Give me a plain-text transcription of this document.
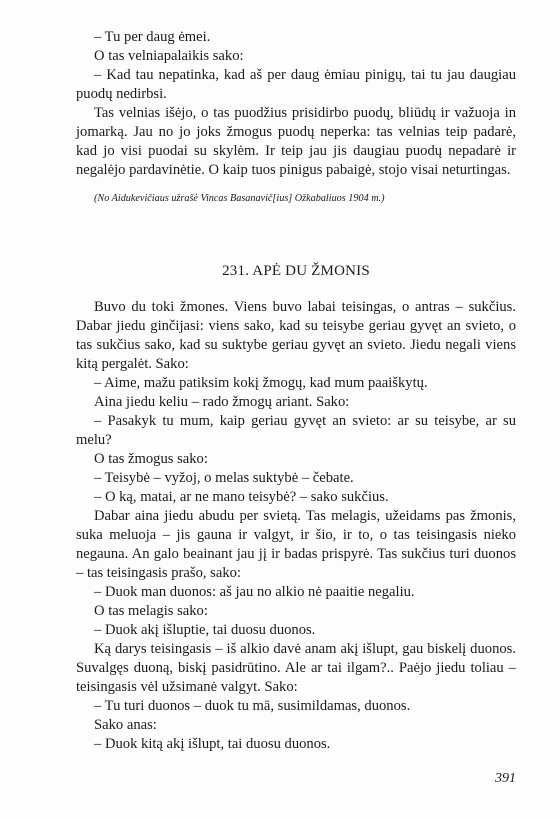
– Tu per daug ėmei.

O tas velniapalaikis sako:

– Kad tau nepatinka, kad aš per daug ėmiau pinigų, tai tu jau daugiau puodų nedirbsi.

Tas velnias išėjo, o tas puodžius prisidirbo puodų, bliūdų ir važuoja in jomarką. Jau no jo joks žmogus puodų neperka: tas velnias teip padarė, kad jo visi puodai su skylėm. Ir teip jau jis daugiau puodų nepadarė ir negalėjo pardavinėtie. O kaip tuos pinigus pabaigė, stojo visai neturtingas.

(No Aidukevičiaus užrašė Vincas Basanavič[ius] Ožkabaliuos 1904 m.)

231. APĖ DU ŽMONIS

Buvo du toki žmones. Viens buvo labai teisingas, o antras – sukčius. Dabar jiedu ginčijasi: viens sako, kad su teisybe geriau gyvęt an svieto, o tas sukčius sako, kad su suktybe geriau gyvęt an svieto. Jiedu negali viens kitą pergalėt. Sako:

– Aime, mažu patiksim kokį žmogų, kad mum paaiškytų.

Aina jiedu keliu – rado žmogų ariant. Sako:

– Pasakyk tu mum, kaip geriau gyvęt an svieto: ar su teisybe, ar su melu?

O tas žmogus sako:

– Teisybė – vyžoj, o melas suktybė – čebate.

– O ką, matai, ar ne mano teisybė? – sako sukčius.

Dabar aina jiedu abudu per svietą. Tas melagis, užeidams pas žmonis, suka meluoja – jis gauna ir valgyt, ir šio, ir to, o tas teisingasis nieko negauna. An galo beainant jau jį ir badas prispyrė. Tas sukčius turi duonos – tas teisingasis prašo, sako:

– Duok man duonos: aš jau no alkio nė paaitie negaliu.

O tas melagis sako:

– Duok akį išluptie, tai duosu duonos.

Ką darys teisingasis – iš alkio davė anam akį išlupt, gau biskelį duonos. Suvalgęs duoną, biskį pasidrūtino. Ale ar tai ilgam?.. Paėjo jiedu toliau – teisingasis vėl užsimanė valgyt. Sako:

– Tu turi duonos – duok tu mā, susimildamas, duonos.

Sako anas:

– Duok kitą akį išlupt, tai duosu duonos.

391
